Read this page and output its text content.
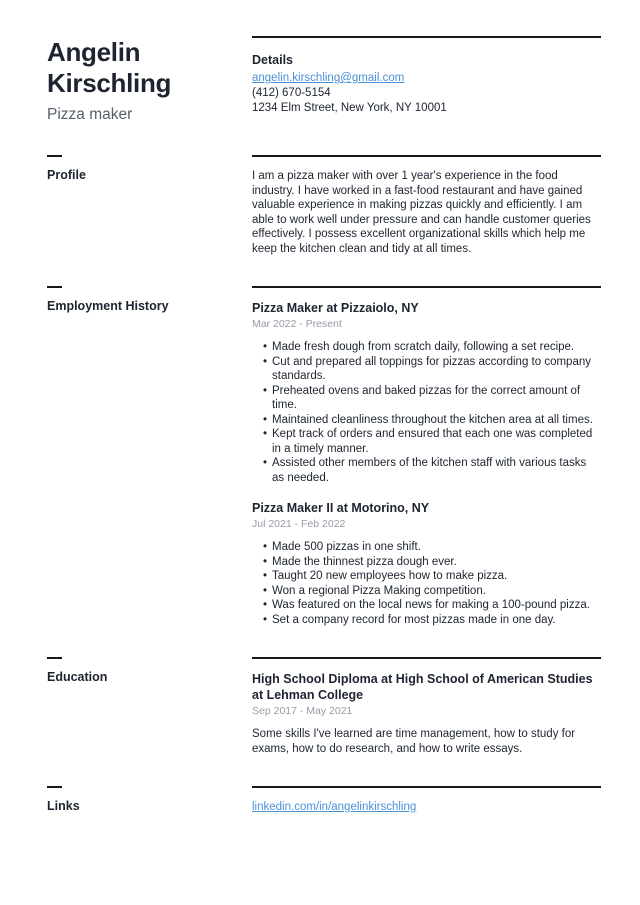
Angelin Kirschling
Pizza maker
Details
angelin.kirschling@gmail.com
(412) 670-5154
1234 Elm Street, New York, NY 10001
Profile	I am a pizza maker with over 1 year's experience in the food industry. I have worked in a fast-food restaurant and have gained valuable experience in making pizzas quickly and efficiently. I am able to work well under pressure and can handle customer queries effectively. I possess excellent organizational skills which help me keep the kitchen clean and tidy at all times.

Employment History	Pizza Maker at Pizzaiolo, NY
Mar 2022 - Present
• Made fresh dough from scratch daily, following a set recipe.
• Cut and prepared all toppings for pizzas according to company standards.
• Preheated ovens and baked pizzas for the correct amount of time.
• Maintained cleanliness throughout the kitchen area at all times.
• Kept track of orders and ensured that each one was completed in a timely manner.
• Assisted other members of the kitchen staff with various tasks as needed.
Pizza Maker II at Motorino, NY
Jul 2021 - Feb 2022
• Made 500 pizzas in one shift.
• Made the thinnest pizza dough ever.
• Taught 20 new employees how to make pizza.
• Won a regional Pizza Making competition.
• Was featured on the local news for making a 100-pound pizza.
• Set a company record for most pizzas made in one day.
Education	High School Diploma at High School of American Studies at Lehman College
Sep 2017 - May 2021

Some skills I've learned are time management, how to study for exams, how to do research, and how to write essays.

Links	linkedin.com/in/angelinkirschling
